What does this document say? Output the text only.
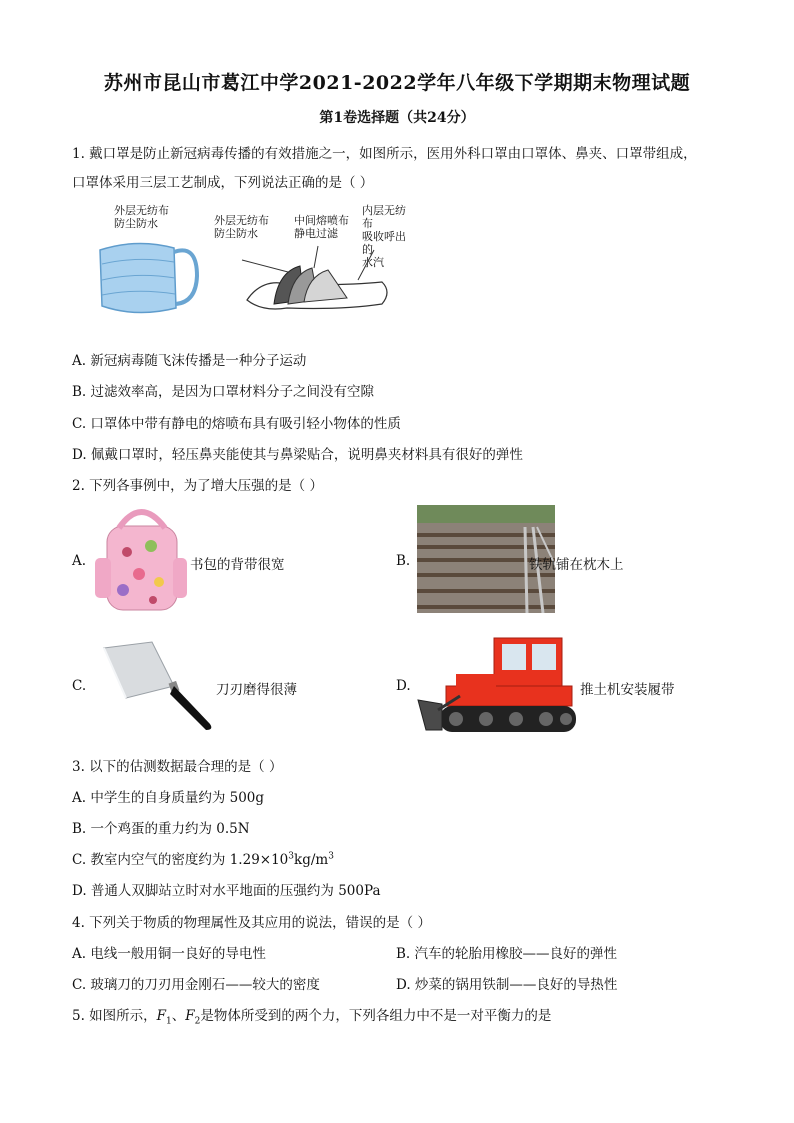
苏州市昆山市葛江中学2021-2022学年八年级下学期期末物理试题
第1卷选择题（共24分）
1. 戴口罩是防止新冠病毒传播的有效措施之一，如图所示，医用外科口罩由口罩体、鼻夹、口罩带组成，
口罩体采用三层工艺制成，下列说法正确的是（ ）
外层无纺布
防尘防水	外层无纺布
防尘防水
中间熔喷布
静电过滤
内层无纺布
吸收呼出的
水汽
A. 新冠病毒随飞沫传播是一种分子运动
B. 过滤效率高，是因为口罩材料分子之间没有空隙
C. 口罩体中带有静电的熔喷布具有吸引轻小物体的性质
D. 佩戴口罩时，轻压鼻夹能使其与鼻梁贴合，说明鼻夹材料具有很好的弹性
2. 下列各事例中，为了增大压强的是（ ）
A.	书包的背带很宽	B.	铁轨铺在枕木上
C.	刀刃磨得很薄	D.	推土机安装履带
3. 以下的估测数据最合理的是（ ）
A. 中学生的自身质量约为 500g
B. 一个鸡蛋的重力约为 0.5N
C. 教室内空气的密度约为 $1.29\times 10^3kg/m^3$
D. 普通人双脚站立时对水平地面的压强约为 500Pa
4. 下列关于物质的物理属性及其应用的说法，错误的是（ ）
A. 电线一般用铜一良好的导电性	B. 汽车的轮胎用橡胶——良好的弹性
C. 玻璃刀的刀刃用金刚石——较大的密度	D. 炒菜的锅用铁制——良好的导热性
5. 如图所示，$F_1$、$F_2$是物体所受到的两个力，下列各组力中不是一对平衡力的是
